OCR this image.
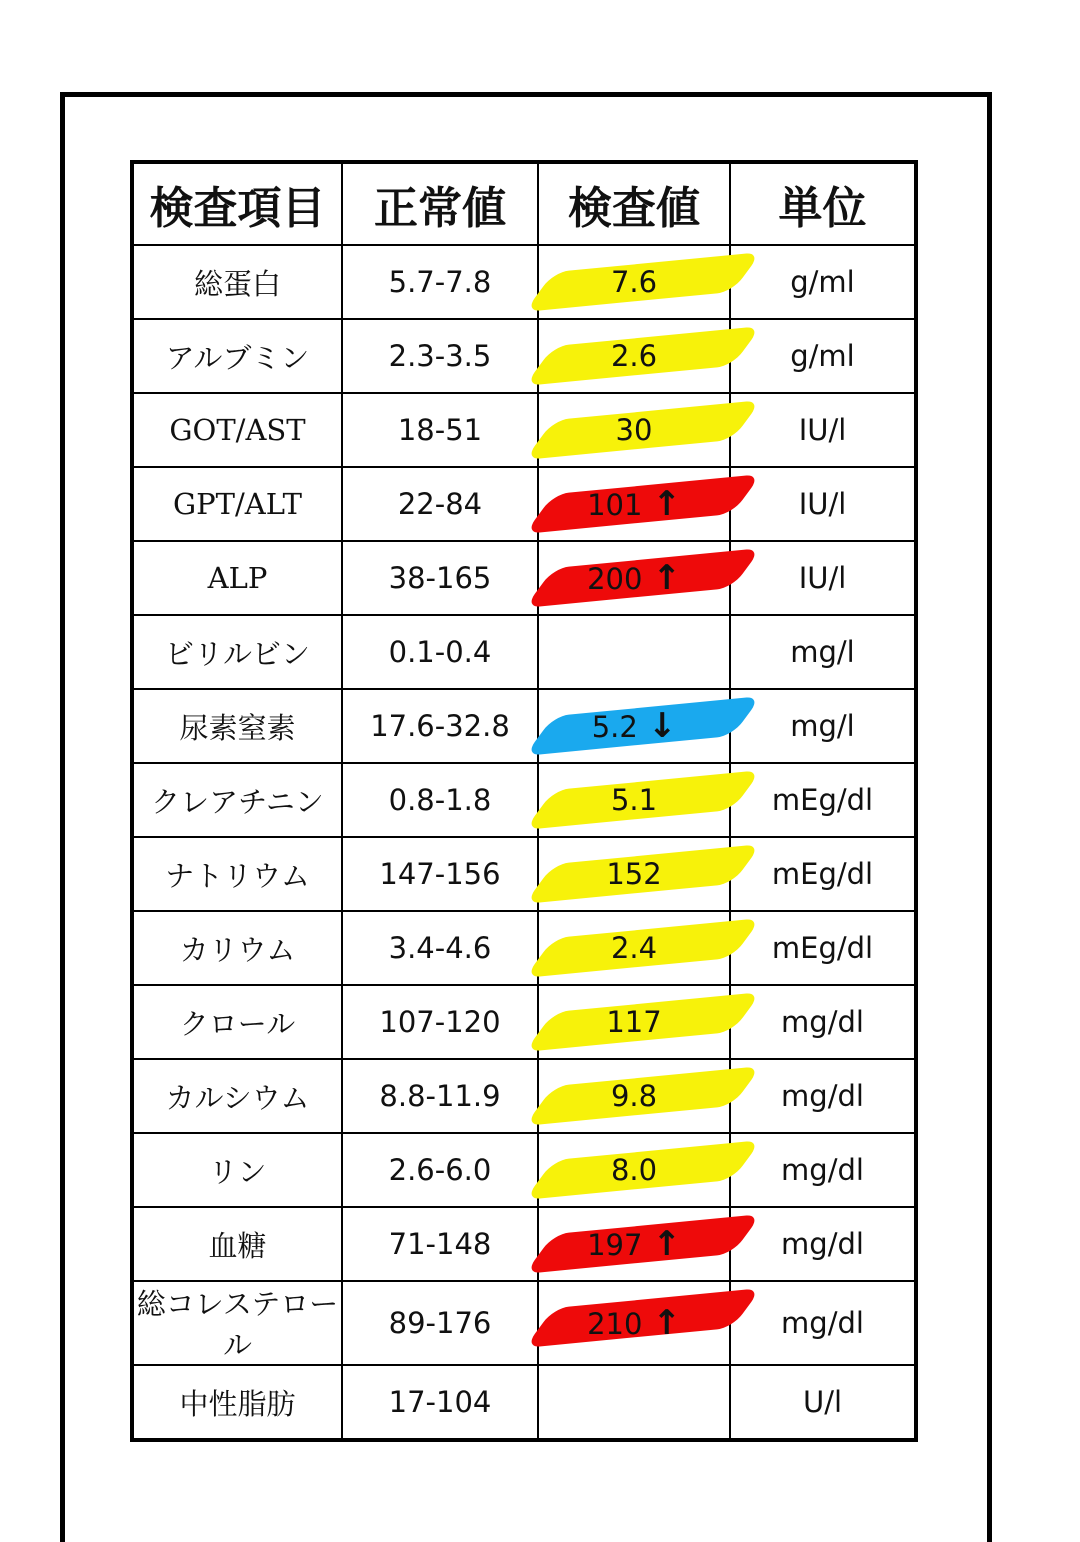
検査項目	正常値	検査値	単位
総蛋白	5.7-7.8	7.6	g/ml
アルブミン	2.3-3.5	2.6	g/ml
GOT/AST	18-51	30	IU/l
GPT/ALT	22-84	101 ↑	IU/l
ALP	38-165	200 ↑	IU/l
ビリルビン	0.1-0.4		mg/l
尿素窒素	17.6-32.8	5.2 ↓	mg/l
クレアチニン	0.8-1.8	5.1	mEg/dl
ナトリウム	147-156	152	mEg/dl
カリウム	3.4-4.6	2.4	mEg/dl
クロール	107-120	117	mg/dl
カルシウム	8.8-11.9	9.8	mg/dl
リン	2.6-6.0	8.0	mg/dl
血糖	71-148	197 ↑	mg/dl
総コレステロール	89-176	210 ↑	mg/dl
中性脂肪	17-104		U/l
